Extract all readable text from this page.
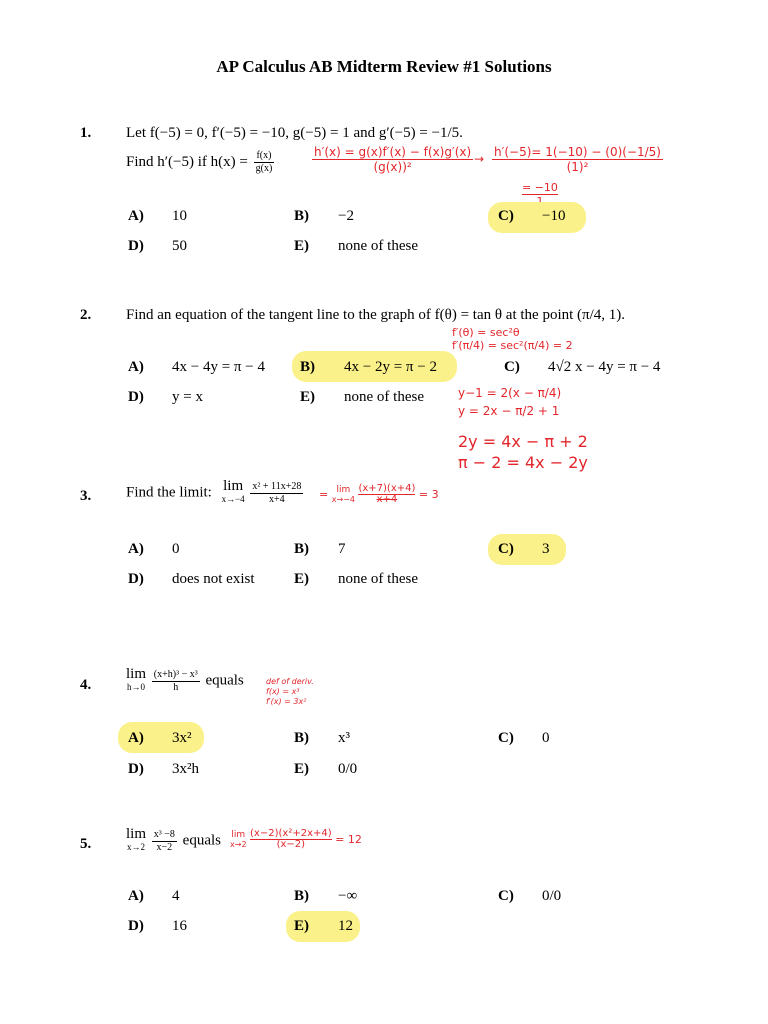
AP Calculus AB Midterm Review #1 Solutions
1. Let f(−5) = 0, f′(−5) = −10, g(−5) = 1 and g′(−5) = −1/5.
Find h′(−5) if $h(x) = \frac{f(x)}{g(x)}$	$\frac{h'(x) = g(x)f'(x) - f(x)g'(x)}{\text{(g(x))²}} \to \frac{h'(-5)= 1(-10) - (0)(-1/5)}{\text{(1)²}}$
= −10
A) 10	B) −2	C) −10
D) 50	E) none of these
2. Find an equation of the tangent line to the graph of f(θ) = tan θ at the point (π/4, 1).
f′(θ) = sec²θ
f′(π/4) = sec²(π/4) = 2
A) 4x − 4y = π − 4 B) 4x − 2y = π − 2	C) 4√2 x − 4y = π − 4
D) y = x	E) none of these	y−1 = 2(x − π/4)
y = 2x − π/2 + 1
2y = 4x − π + 2
π − 2 = 4x − 2y
3. Find the limit: lim
x→−4
$\frac{\text{x² + 11x+28}}{x+4} = \lim$
x→−4
$\frac{(x+7)(x+4)}{x+4} = 3$
A) 0	B) 7	C) 3
D) does not exist	E) none of these
4.
lim
h→0
$\frac{\text{(x+h)³ − x³}}{h}$ equals	def of deriv.
f(x) = x³
f′(x) = 3x²
A) 3x²	B) x³	C) 0
D) 3x²h	E) 0/0
5.
lim
x→2
$\frac{\text{x³ −8}}{x-2}$ equals lim
x→2
$\frac{\text{(x−2)(x²+2x+4)}}{(x-2)} = 12$
A) 4	B) −∞	C) 0/0
D) 16	E) 12
